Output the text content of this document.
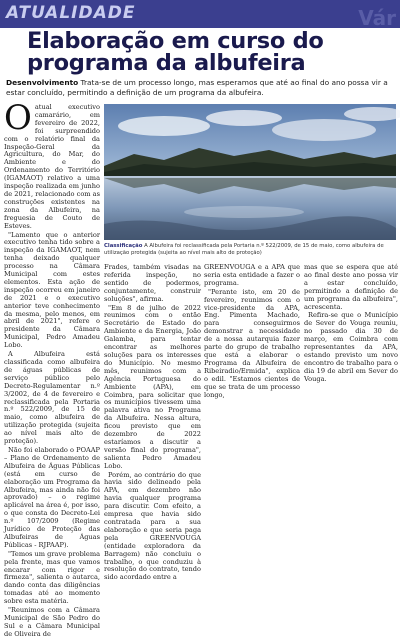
ATUALIDADE	Vár
Elaboração em curso do programa da albufeira
Desenvolvimento Trata-se de um processo longo, mas esperamos que até ao final do ano possa vir a estar concluído, permitindo a definição de um programa da albufeira.

O atual executivo camarário, em fevereiro de 2022, foi surpreendido com o relatório final da Inspeção-Geral da Agricultura, do Mar, do Ambiente e do Ordenamento do Território (IGAMAOT) relativo a uma inspeção realizada em junho de 2021, relacionado com as construções existentes na zona da Albufeira, na freguesia de Couto de Esteves.

"Lamento que o anterior executivo tenha tido sobre a inspeção da IGAMAOT, nem tenha deixado qualquer processo na Câmara Municipal com estes elementos. Esta ação de inspeção ocorreu em janeiro de 2021 e o executivo anterior teve conhecimento da mesma, pelo menos, em abril de 2021", refere o presidente da Câmara Municipal, Pedro Amadeu Lobo.

A Albufeira está classificada como albufeira de águas públicas de serviço público pelo Decreto-Regulamentar n.º 3/2002, de 4 de fevereiro e reclassificada pela Portaria n.º 522/2009, de 15 de maio, como albufeira de utilização protegida (sujeita ao nível mais alto de proteção).

Não foi elaborado o POAAP – Plano de Ordenamento de Albufeira de Águas Públicas (está em curso de elaboração um Programa da Albufeira, mas ainda não foi aprovado) – o regime aplicável na área é, por isso, o que consta do Decreto-Lei n.º 107/2009 (Regime Jurídico de Proteção das Albufeiras de Águas Públicas - RJPAAP).

"Temos um grave problema pela frente, mas que vamos encarar com rigor e firmeza", salienta o autarca, dando conta das diligências tomadas até ao momento sobre esta matéria.

"Reunimos com a Câmara Municipal de São Pedro do Sul e a Câmara Municipal de Oliveira de

Classificação A Albufeira foi reclassificada pela Portaria n.º 522/2009, de 15 de maio, como albufeira de utilização protegida (sujeita ao nível mais alto de proteção)

Frades, também visadas na referida inspeção, no sentido de podermos, conjuntamente, construir soluções", afirma.

"Em 8 de julho de 2022 reunimos com o então Secretário de Estado do Ambiente e da Energia, João Galamba, para tentar encontrar as melhores soluções para os interesses do Município. No mesmo mês, reunimos com a Agência Portuguesa do Ambiente (APA), em Coimbra, para solicitar que os municípios tivessem uma palavra ativa no Programa da Albufeira. Nessa altura, ficou previsto que em dezembro de 2022 estaríamos a discutir a versão final do programa", salienta Pedro Amadeu Lobo.

Porém, ao contrário do que havia sido delineado pela APA, em dezembro não havia qualquer programa para discutir. Com efeito, a empresa que havia sido contratada para a sua elaboração e que seria paga pela GREENVOUGA (entidade exploradora da Barragem) não concluiu o trabalho, o que conduziu à resolução do contrato, tendo sido acordado entre a

GREENVOUGA e a APA que seria esta entidade a fazer o programa.

"Perante isto, em 20 de fevereiro, reunimos com o vice-presidente da APA, Eng. Pimenta Machado, para conseguirmos demonstrar a necessidade de a nossa autarquia fazer parte do grupo de trabalho que está a elaborar o Programa da Albufeira de Ribeiradio/Ermida", explica o edil. "Estamos cientes de que se trata de um processo longo,

mas que se espera que até ao final deste ano possa vir a estar concluído, permitindo a definição de um programa da albufeira", acrescenta.

Refira-se que o Município de Sever do Vouga reuniu, no passado dia 30 de março, em Coimbra com representantes da APA, estando previsto um novo encontro de trabalho para o dia 19 de abril em Sever do Vouga.
